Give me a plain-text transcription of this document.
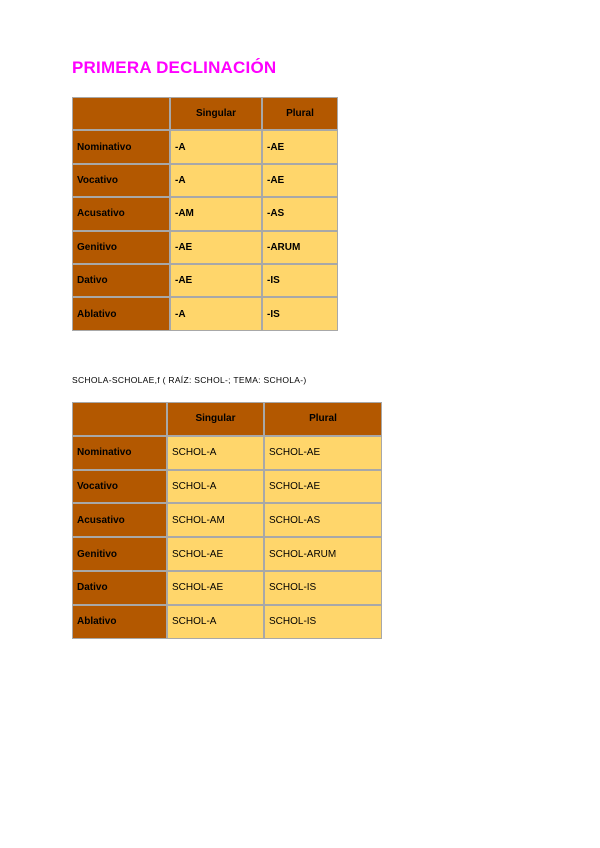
PRIMERA DECLINACIÓN
	Singular	Plural
Nominativo	-A	-AE
Vocativo	-A	-AE
Acusativo	-AM	-AS
Genitivo	-AE	-ARUM
Dativo	-AE	-IS
Ablativo	-A	-IS
SCHOLA-SCHOLAE,f ( RAÍZ: SCHOL-; TEMA: SCHOLA-)
	Singular	Plural
Nominativo	SCHOL-A	SCHOL-AE
Vocativo	SCHOL-A	SCHOL-AE
Acusativo	SCHOL-AM	SCHOL-AS
Genitivo	SCHOL-AE	SCHOL-ARUM
Dativo	SCHOL-AE	SCHOL-IS
Ablativo	SCHOL-A	SCHOL-IS
